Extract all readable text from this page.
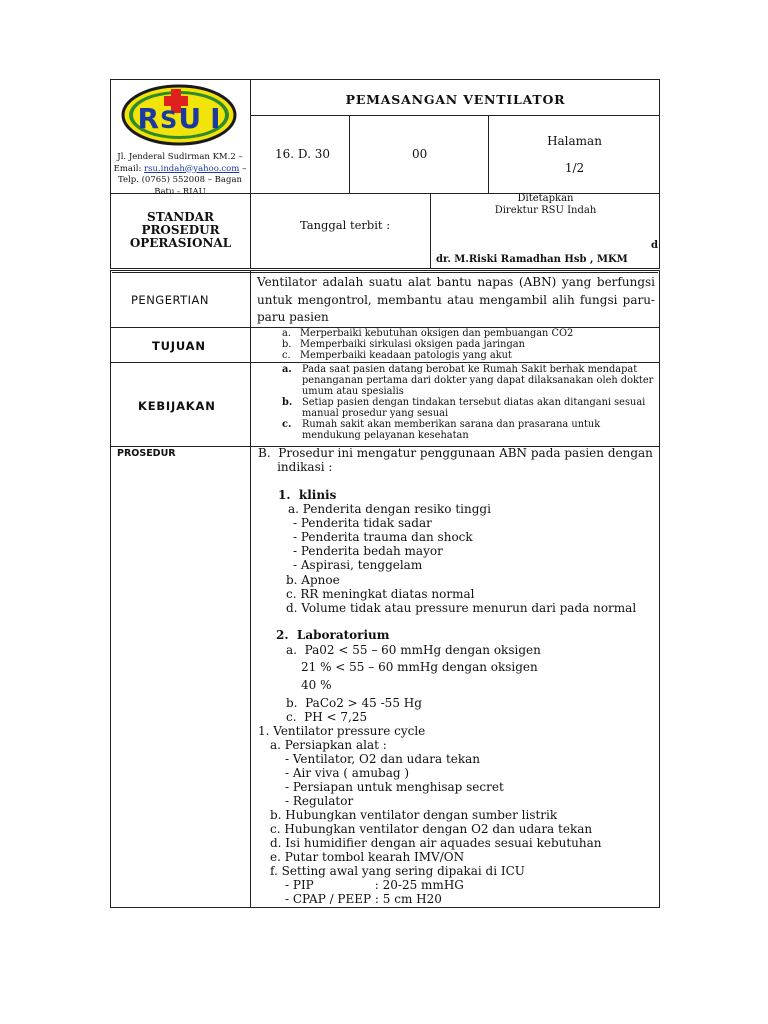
RSU I
Jl. Jenderal Sudirman KM.2 –
Email: rsu.indah@yahoo.com –
Telp. (0765) 552008 – Bagan
Batu - RIAU
PEMASANGAN VENTILATOR
16. D. 30	00
Halaman
1/2
STANDAR
PROSEDUR
OPERASIONAL
Tanggal terbit :
Ditetapkan
Direktur RSU Indah
d
dr. M.Riski Ramadhan Hsb , MKM
PENGERTIAN
Ventilator adalah suatu alat bantu napas (ABN) yang berfungsi
untuk mengontrol, membantu atau mengambil alih fungsi paru-
paru pasien
TUJUAN
a. Merperbaiki kebutuhan oksigen dan pembuangan CO2
b. Memperbaiki sirkulasi oksigen pada jaringan
c. Memperbaiki keadaan patologis yang akut
KEBIJAKAN
a. Pada saat pasien datang berobat ke Rumah Sakit berhak mendapat
penanganan pertama dari dokter yang dapat dilaksanakan oleh dokter
umum atau spesialis
b. Setiap pasien dengan tindakan tersebut diatas akan ditangani sesuai
manual prosedur yang sesuai
c. Rumah sakit akan memberikan sarana dan prasarana untuk
mendukung pelayanan kesehatan
PROSEDUR	B.  Prosedur ini mengatur penggunaan ABN pada pasien dengan
indikasi :
1.  klinis
a. Penderita dengan resiko tinggi
- Penderita tidak sadar
- Penderita trauma dan shock
- Penderita bedah mayor
- Aspirasi, tenggelam
b. Apnoe
c. RR meningkat diatas normal
d. Volume tidak atau pressure menurun dari pada normal
2.  Laboratorium
a.  Pa02 < 55 – 60 mmHg dengan oksigen
21 % < 55 – 60 mmHg dengan oksigen
40 %
b.  PaCo2 > 45 -55 Hg
c.  PH < 7,25
1. Ventilator pressure cycle
a. Persiapkan alat :
- Ventilator, O2 dan udara tekan
- Air viva ( amubag )
- Persiapan untuk menghisap secret
- Regulator
b. Hubungkan ventilator dengan sumber listrik
c. Hubungkan ventilator dengan O2 dan udara tekan
d. Isi humidifier dengan air aquades sesuai kebutuhan
e. Putar tombol kearah IMV/ON
f. Setting awal yang sering dipakai di ICU
- PIP                : 20-25 mmHG
- CPAP / PEEP : 5 cm H20
